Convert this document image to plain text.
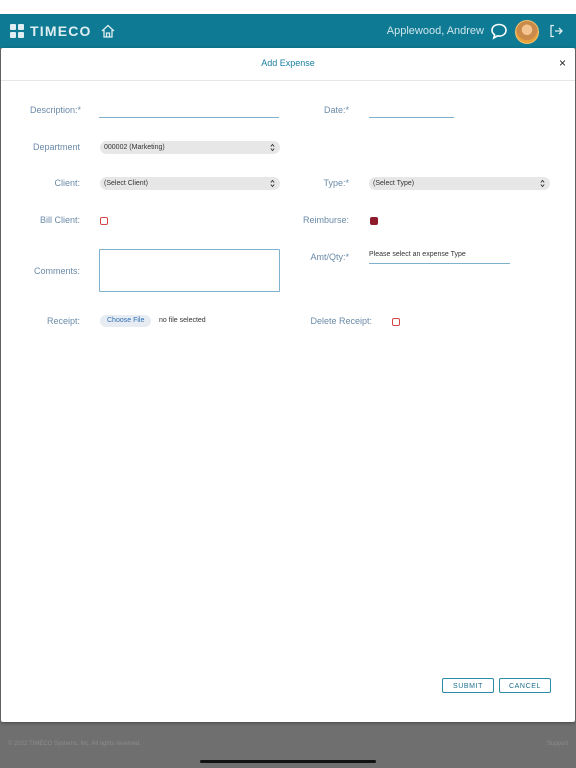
TIMECO	Applewood, Andrew
© 2022 TIMECO Systems, Inc. All rights reserved.	Support
Add Expense	×
Description:*	Date:*
Department	000002 (Marketing)
Client:	(Select Client)	Type:*	(Select Type)
Bill Client:	Reimburse:
Comments:
Amt/Qty:*	Please select an expense Type
Receipt:	Choose File	no file selected	Delete Receipt:
SUBMIT	CANCEL
